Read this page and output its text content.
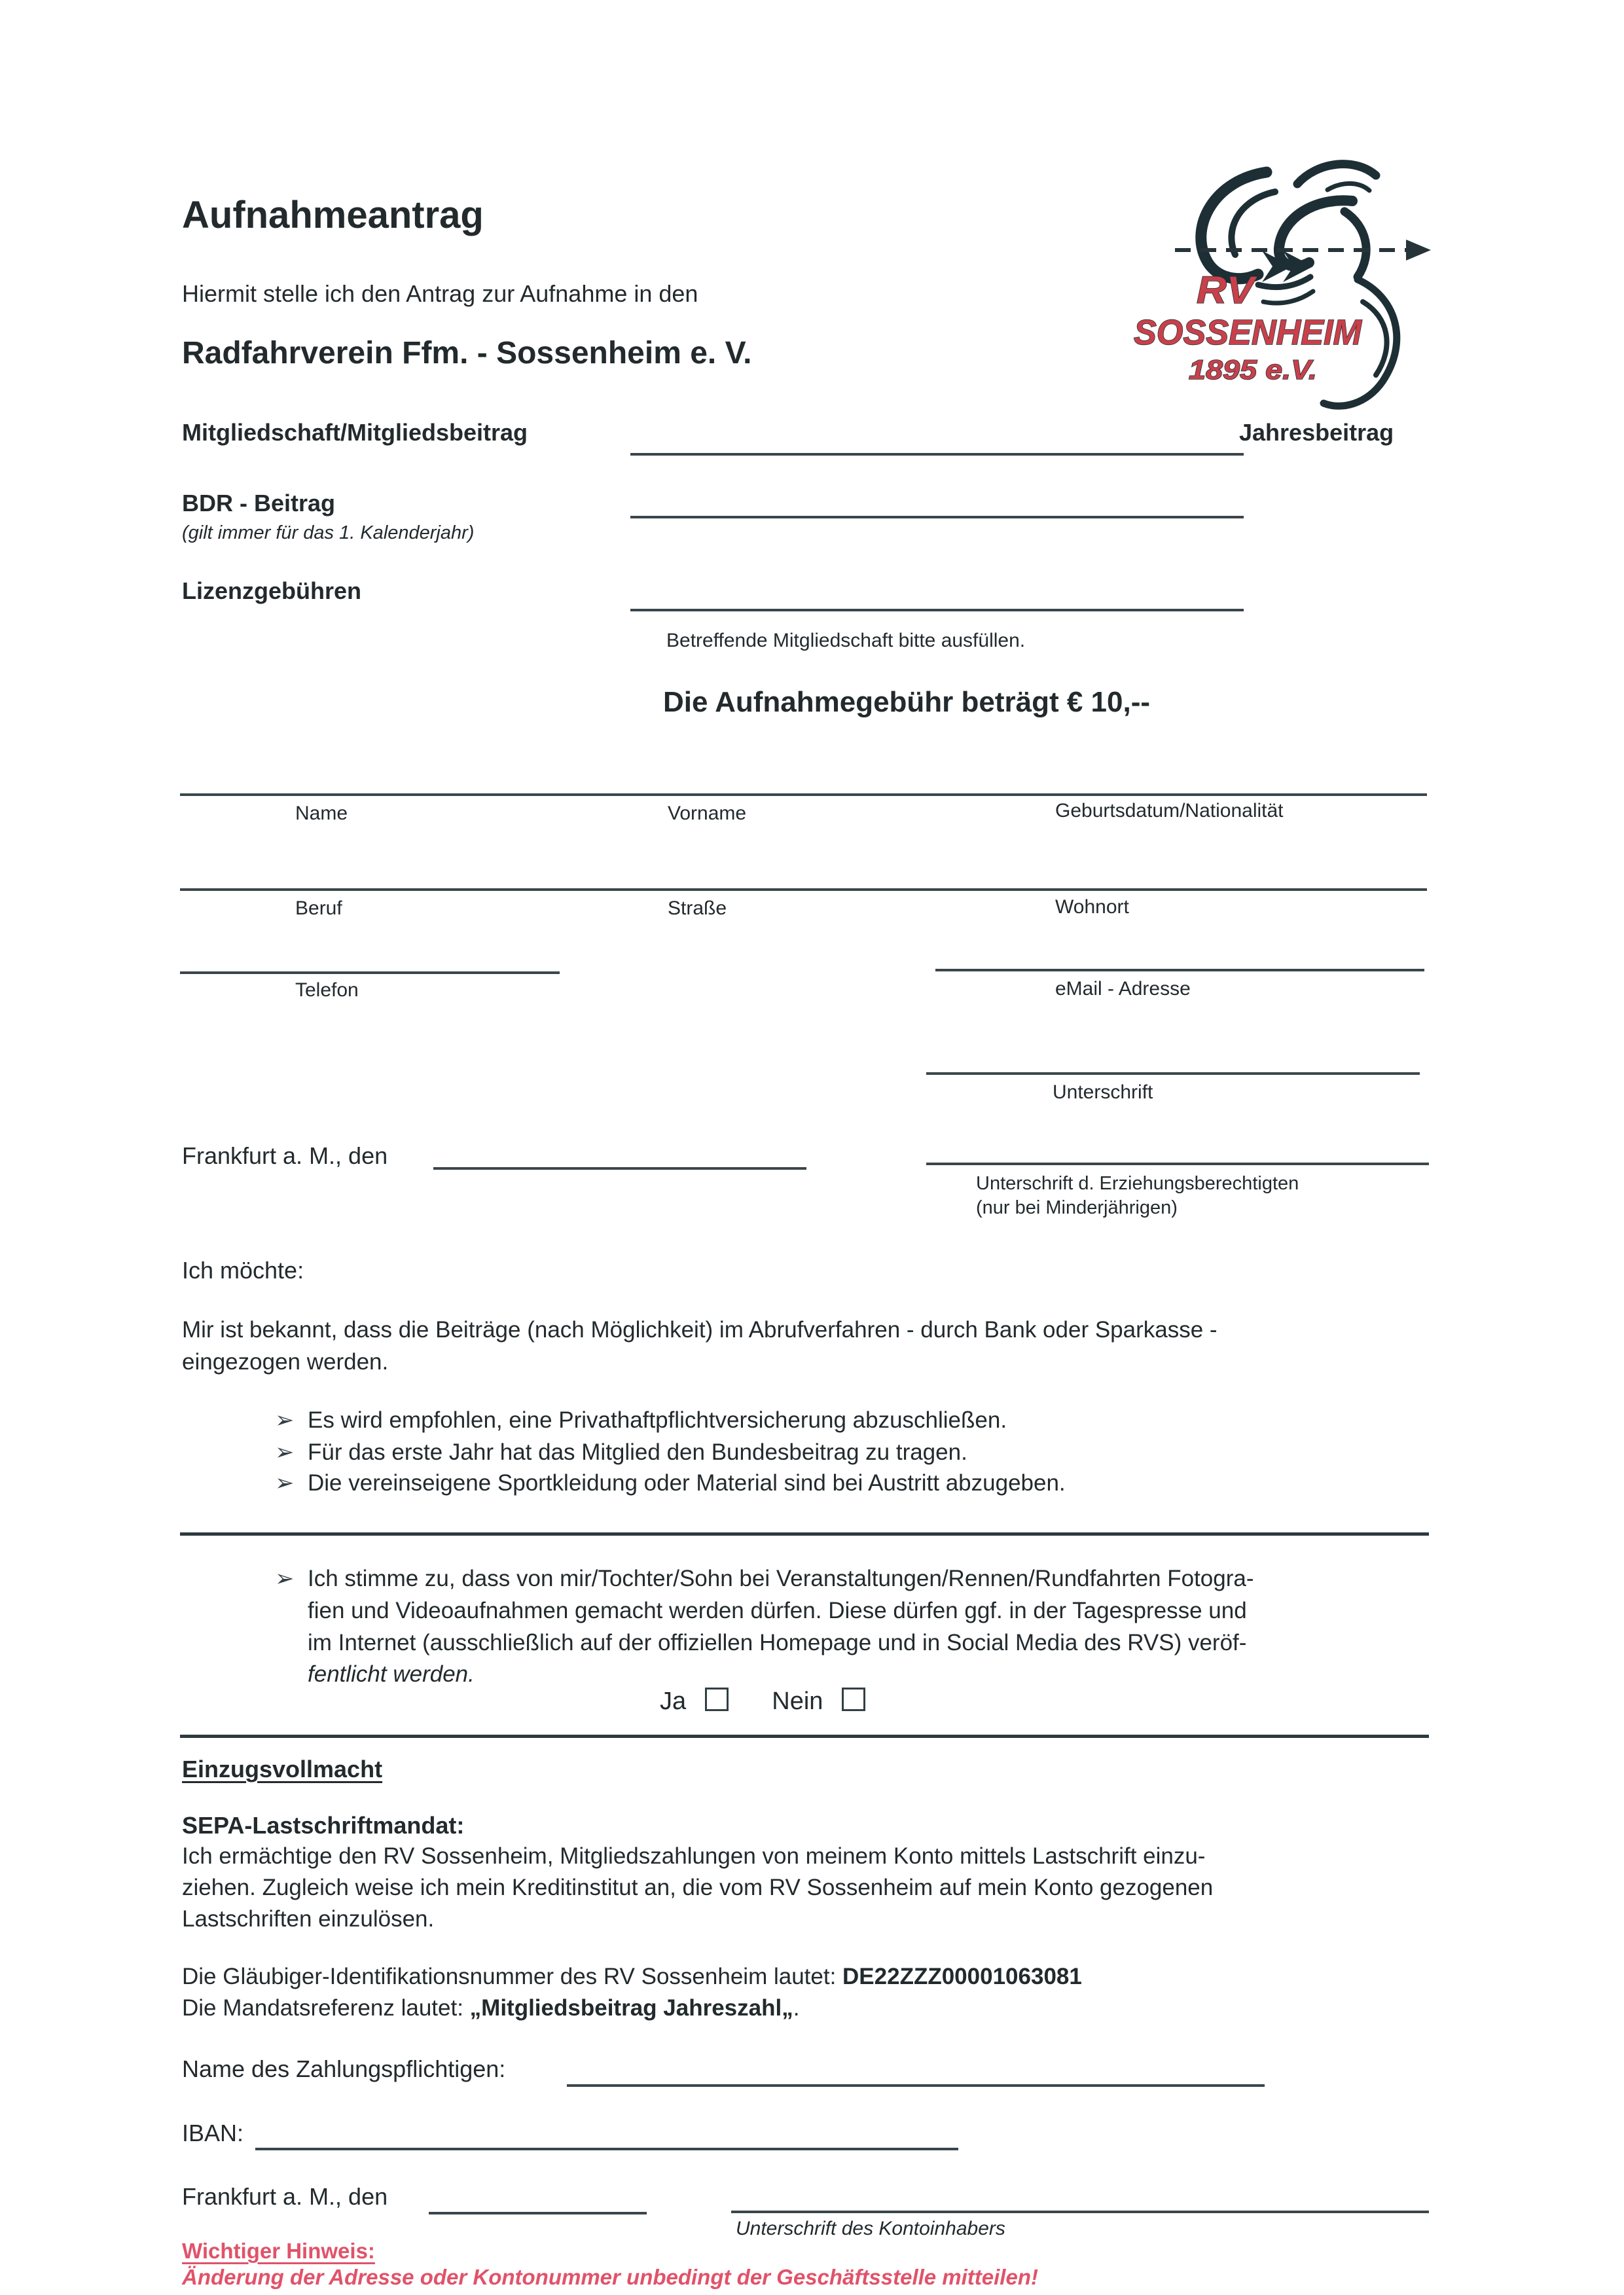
Aufnahmeantrag
Hiermit stelle ich den Antrag zur Aufnahme in den
Radfahrverein Ffm. - Sossenheim e. V.
RV
SOSSENHEIM
1895 e.V.
Mitgliedschaft/Mitgliedsbeitrag	Jahresbeitrag
BDR - Beitrag
(gilt immer für das 1. Kalenderjahr)
Lizenzgebühren
Betreffende Mitgliedschaft bitte ausfüllen.
Die Aufnahmegebühr beträgt € 10,--
Name	Vorname	Geburtsdatum/Nationalität
Beruf	Straße	Wohnort
Telefon	eMail - Adresse
Unterschrift
Frankfurt a. M., den
Unterschrift d. Erziehungsberechtigten
(nur bei Minderjährigen)
Ich möchte:
Mir ist bekannt, dass die Beiträge (nach Möglichkeit) im Abrufverfahren - durch Bank oder Sparkasse -
eingezogen werden.
➢ Es wird empfohlen, eine Privathaftpflichtversicherung abzuschließen.
➢ Für das erste Jahr hat das Mitglied den Bundesbeitrag zu tragen.
➢ Die vereinseigene Sportkleidung oder Material sind bei Austritt abzugeben.
➢ Ich stimme zu, dass von mir/Tochter/Sohn bei Veranstaltungen/Rennen/Rundfahrten Fotogra-
fien und Videoaufnahmen gemacht werden dürfen. Diese dürfen ggf. in der Tagespresse und
im Internet (ausschließlich auf der offiziellen Homepage und in Social Media des RVS) veröf-
fentlicht werden.
Ja	Nein
Einzugsvollmacht
SEPA-Lastschriftmandat:
Ich ermächtige den RV Sossenheim, Mitgliedszahlungen von meinem Konto mittels Lastschrift einzu-
ziehen. Zugleich weise ich mein Kreditinstitut an, die vom RV Sossenheim auf mein Konto gezogenen
Lastschriften einzulösen.
Die Gläubiger-Identifikationsnummer des RV Sossenheim lautet: DE22ZZZ00001063081
Die Mandatsreferenz lautet: „Mitgliedsbeitrag Jahreszahl„.
Name des Zahlungspflichtigen:
IBAN:
Frankfurt a. M., den
Unterschrift des Kontoinhabers
Wichtiger Hinweis:
Änderung der Adresse oder Kontonummer unbedingt der Geschäftsstelle mitteilen!
